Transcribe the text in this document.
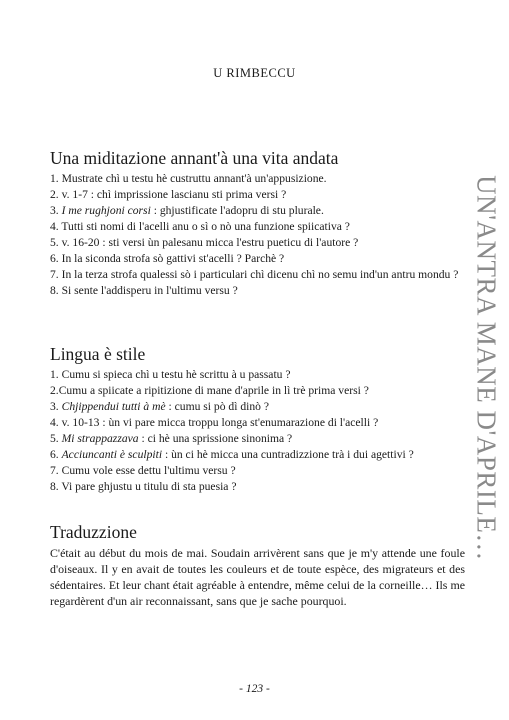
U RIMBECCU
Una miditazione annant'à una vita andata

1. Mustrate chì u testu hè custruttu annant'à un'appusizione.

2. v. 1-7 : chì imprissione lascianu sti prima versi ?

3. I me rughjoni corsi : ghjustificate l'adopru di stu plurale.

4. Tutti sti nomi di l'acelli anu o sì o nò una funzione spiicativa ?

5. v. 16-20 : sti versi ùn palesanu micca l'estru pueticu di l'autore ?

6. In la siconda strofa sò gattivi st'acelli ? Parchè ?

7. In la terza strofa qualessi sò i particulari chì dicenu chì no semu ind'un antru mondu ?

8. Si sente l'addisperu in l'ultimu versu ?

Lingua è stile

1. Cumu si spieca chì u testu hè scrittu à u passatu ?

2.Cumu a spiicate a ripitizione di mane d'aprile in lì trè prima versi ?

3. Chjippendui tutti à mè : cumu si pò dì dinò ?

4. v. 10-13 : ùn vi pare micca troppu longa st'enumarazione di l'acelli ?

5. Mi strappazzava : ci hè una sprissione sinonima ?

6. Acciuncanti è sculpiti : ùn ci hè micca una cuntradizzione trà i dui agettivi ?

7. Cumu vole esse dettu l'ultimu versu ?

8. Vi pare ghjustu u titulu di sta puesia ?

Traduzzione

C'était au début du mois de mai. Soudain arrivèrent sans que je m'y attende une foule d'oiseaux. Il y en avait de toutes les couleurs et de toute espèce, des migrateurs et des sédentaires. Et leur chant était agréable à entendre, même celui de la corneille… Ils me regardèrent d'un air reconnaissant, sans que je sache pourquoi.

- 123 -
UN'ANTRA MANE D'APRILE…
